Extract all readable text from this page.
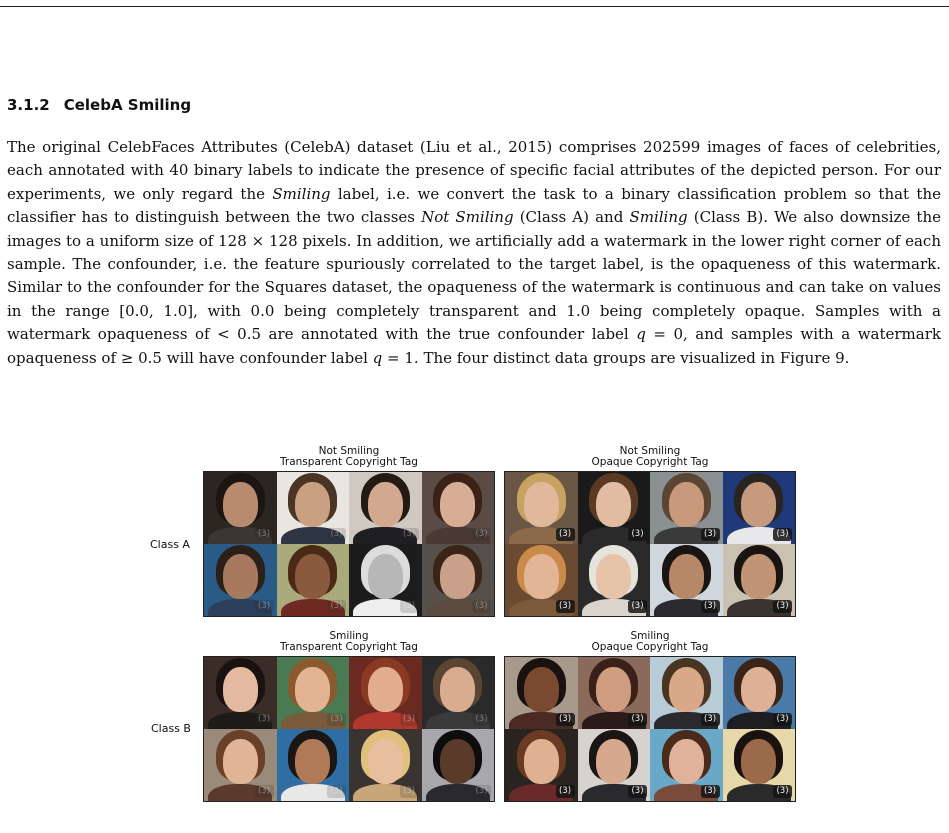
3.1.2 CelebA Smiling

The original CelebFaces Attributes (CelebA) dataset (Liu et al., 2015) comprises 202599 images of faces of celebrities, each annotated with 40 binary labels to indicate the presence of specific facial attributes of the depicted person. For our experiments, we only regard the Smiling label, i.e. we convert the task to a binary classification problem so that the classifier has to distinguish between the two classes Not Smiling (Class A) and Smiling (Class B). We also downsize the images to a uniform size of 128 × 128 pixels. In addition, we artificially add a watermark in the lower right corner of each sample. The confounder, i.e. the feature spuriously correlated to the target label, is the opaqueness of this watermark. Similar to the confounder for the Squares dataset, the opaqueness of the watermark is continuous and can take on values in the range [0.0, 1.0], with 0.0 being completely transparent and 1.0 being completely opaque. Samples with a watermark opaqueness of < 0.5 are annotated with the true confounder label q = 0, and samples with a watermark opaqueness of ≥ 0.5 will have confounder label q = 1. The four distinct data groups are visualized in Figure 9.

Class A
Not Smiling
Transparent Copyright Tag
(3)	(3)	(3)	(3)
(3)	(3)	(3)	(3)
Not Smiling
Opaque Copyright Tag
(3)	(3)	(3)	(3)
(3)	(3)	(3)	(3)
Class B
Smiling
Transparent Copyright Tag
(3)	(3)	(3)	(3)
(3)	(3)	(3)	(3)
Smiling
Opaque Copyright Tag
(3)	(3)	(3)	(3)
(3)	(3)	(3)	(3)
